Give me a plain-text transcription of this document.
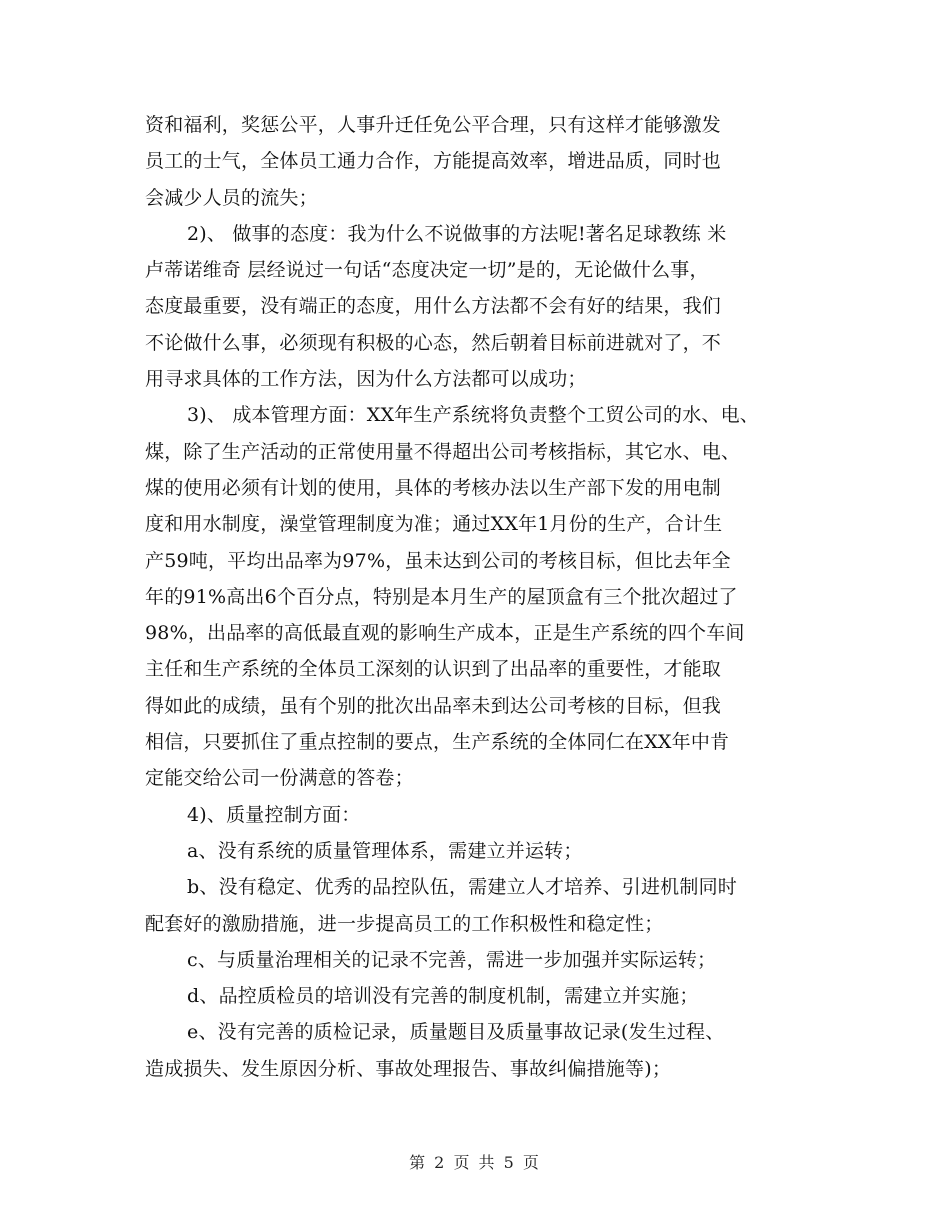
资和福利，奖惩公平，人事升迁任免公平合理，只有这样才能够激发
员工的士气，全体员工通力合作，方能提高效率，增进品质，同时也
会减少人员的流失；
2)、 做事的态度：我为什么不说做事的方法呢!著名足球教练 米
卢蒂诺维奇 层经说过一句话“态度决定一切”是的，无论做什么事，
态度最重要，没有端正的态度，用什么方法都不会有好的结果，我们
不论做什么事，必须现有积极的心态，然后朝着目标前进就对了，不
用寻求具体的工作方法，因为什么方法都可以成功；
3)、 成本管理方面：XX年生产系统将负责整个工贸公司的水、电、
煤，除了生产活动的正常使用量不得超出公司考核指标，其它水、电、
煤的使用必须有计划的使用，具体的考核办法以生产部下发的用电制
度和用水制度，澡堂管理制度为准；通过XX年1月份的生产，合计生
产59吨，平均出品率为97%，虽未达到公司的考核目标，但比去年全
年的91%高出6个百分点，特别是本月生产的屋顶盒有三个批次超过了
98%，出品率的高低最直观的影响生产成本，正是生产系统的四个车间
主任和生产系统的全体员工深刻的认识到了出品率的重要性，才能取
得如此的成绩，虽有个别的批次出品率未到达公司考核的目标，但我
相信，只要抓住了重点控制的要点，生产系统的全体同仁在XX年中肯
定能交给公司一份满意的答卷；
4)、质量控制方面：
a、没有系统的质量管理体系，需建立并运转；
b、没有稳定、优秀的品控队伍，需建立人才培养、引进机制同时
配套好的激励措施，进一步提高员工的工作积极性和稳定性；
c、与质量治理相关的记录不完善，需进一步加强并实际运转；
d、品控质检员的培训没有完善的制度机制，需建立并实施；
e、没有完善的质检记录，质量题目及质量事故记录(发生过程、
造成损失、发生原因分析、事故处理报告、事故纠偏措施等)；
第 2 页 共 5 页
